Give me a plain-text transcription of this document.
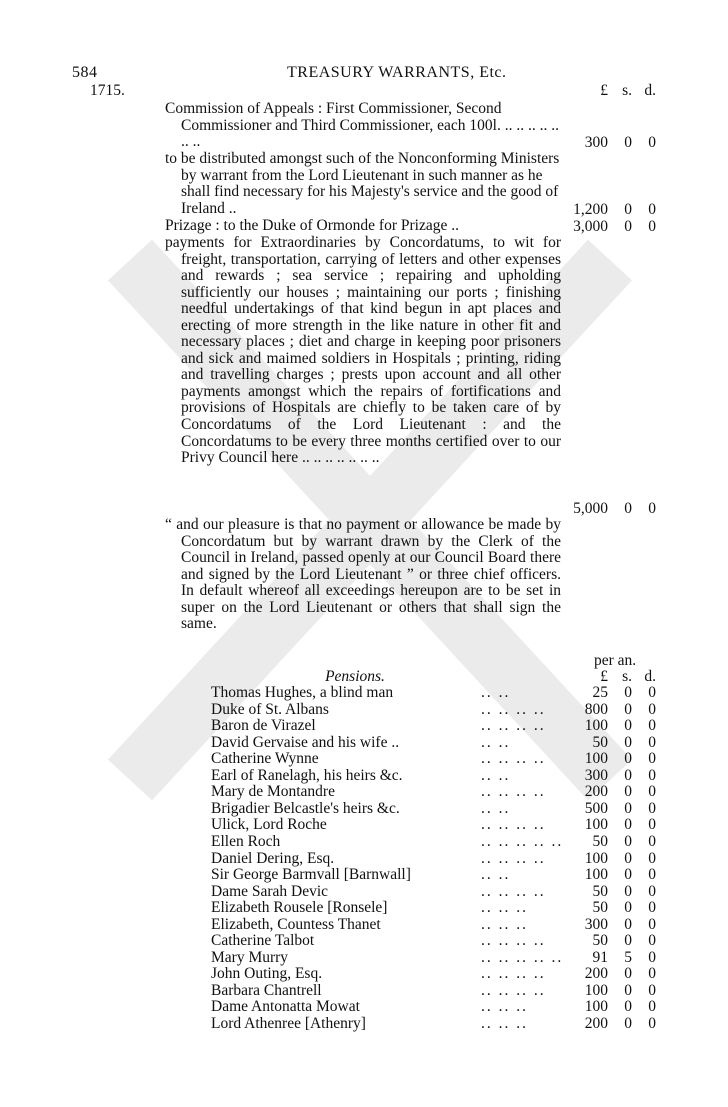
584	TREASURY WARRANTS, Etc.
1715.	£ s. d.
Commission of Appeals : First Commissioner, Second Commissioner and Third Commissioner, each 100l. .. .. .. .. .. .. ..	300 0 0
to be distributed amongst such of the Nonconforming Ministers by warrant from the Lord Lieutenant in such manner as he shall find necessary for his Majesty's service and the good of Ireland ..	1,200 0 0
Prizage : to the Duke of Ormonde for Prizage ..	3,000 0 0
payments for Extraordinaries by Concordatums, to wit for freight, transportation, carrying of letters and other expenses and rewards ; sea service ; repairing and upholding sufficiently our houses ; maintaining our ports ; finishing needful undertakings of that kind begun in apt places and erecting of more strength in the like nature in other fit and necessary places ; diet and charge in keeping poor prisoners and sick and maimed soldiers in Hospitals ; printing, riding and travelling charges ; prests upon account and all other payments amongst which the repairs of fortifications and provisions of Hospitals are chiefly to be taken care of by Concordatums of the Lord Lieutenant : and the Concordatums to be every three months certified over to our Privy Council here .. .. .. .. .. .. ..
5,000 0 0
“ and our pleasure is that no payment or allowance be made by Concordatum but by warrant drawn by the Clerk of the Council in Ireland, passed openly at our Council Board there and signed by the Lord Lieutenant ” or three chief officers. In default whereof all exceedings hereupon are to be set in super on the Lord Lieutenant or others that shall sign the same.
per an.
Pensions.	£ s. d.
Thomas Hughes, a blind man	.. ..	25 0 0
Duke of St. Albans	.. .. .. ..	800 0 0
Baron de Virazel	.. .. .. ..	100 0 0
David Gervaise and his wife ..	.. ..	50 0 0
Catherine Wynne	.. .. .. ..	100 0 0
Earl of Ranelagh, his heirs &c.	.. ..	300 0 0
Mary de Montandre	.. .. .. ..	200 0 0
Brigadier Belcastle's heirs &c.	.. ..	500 0 0
Ulick, Lord Roche	.. .. .. ..	100 0 0
Ellen Roch	.. .. .. .. ..	50 0 0
Daniel Dering, Esq.	.. .. .. ..	100 0 0
Sir George Barmvall [Barnwall]	.. ..	100 0 0
Dame Sarah Devic	.. .. .. ..	50 0 0
Elizabeth Rousele [Ronsele]	.. .. ..	50 0 0
Elizabeth, Countess Thanet	.. .. ..	300 0 0
Catherine Talbot	.. .. .. ..	50 0 0
Mary Murry	.. .. .. .. ..	91 5 0
John Outing, Esq.	.. .. .. ..	200 0 0
Barbara Chantrell	.. .. .. ..	100 0 0
Dame Antonatta Mowat	.. .. ..	100 0 0
Lord Athenree [Athenry]	.. .. ..	200 0 0
